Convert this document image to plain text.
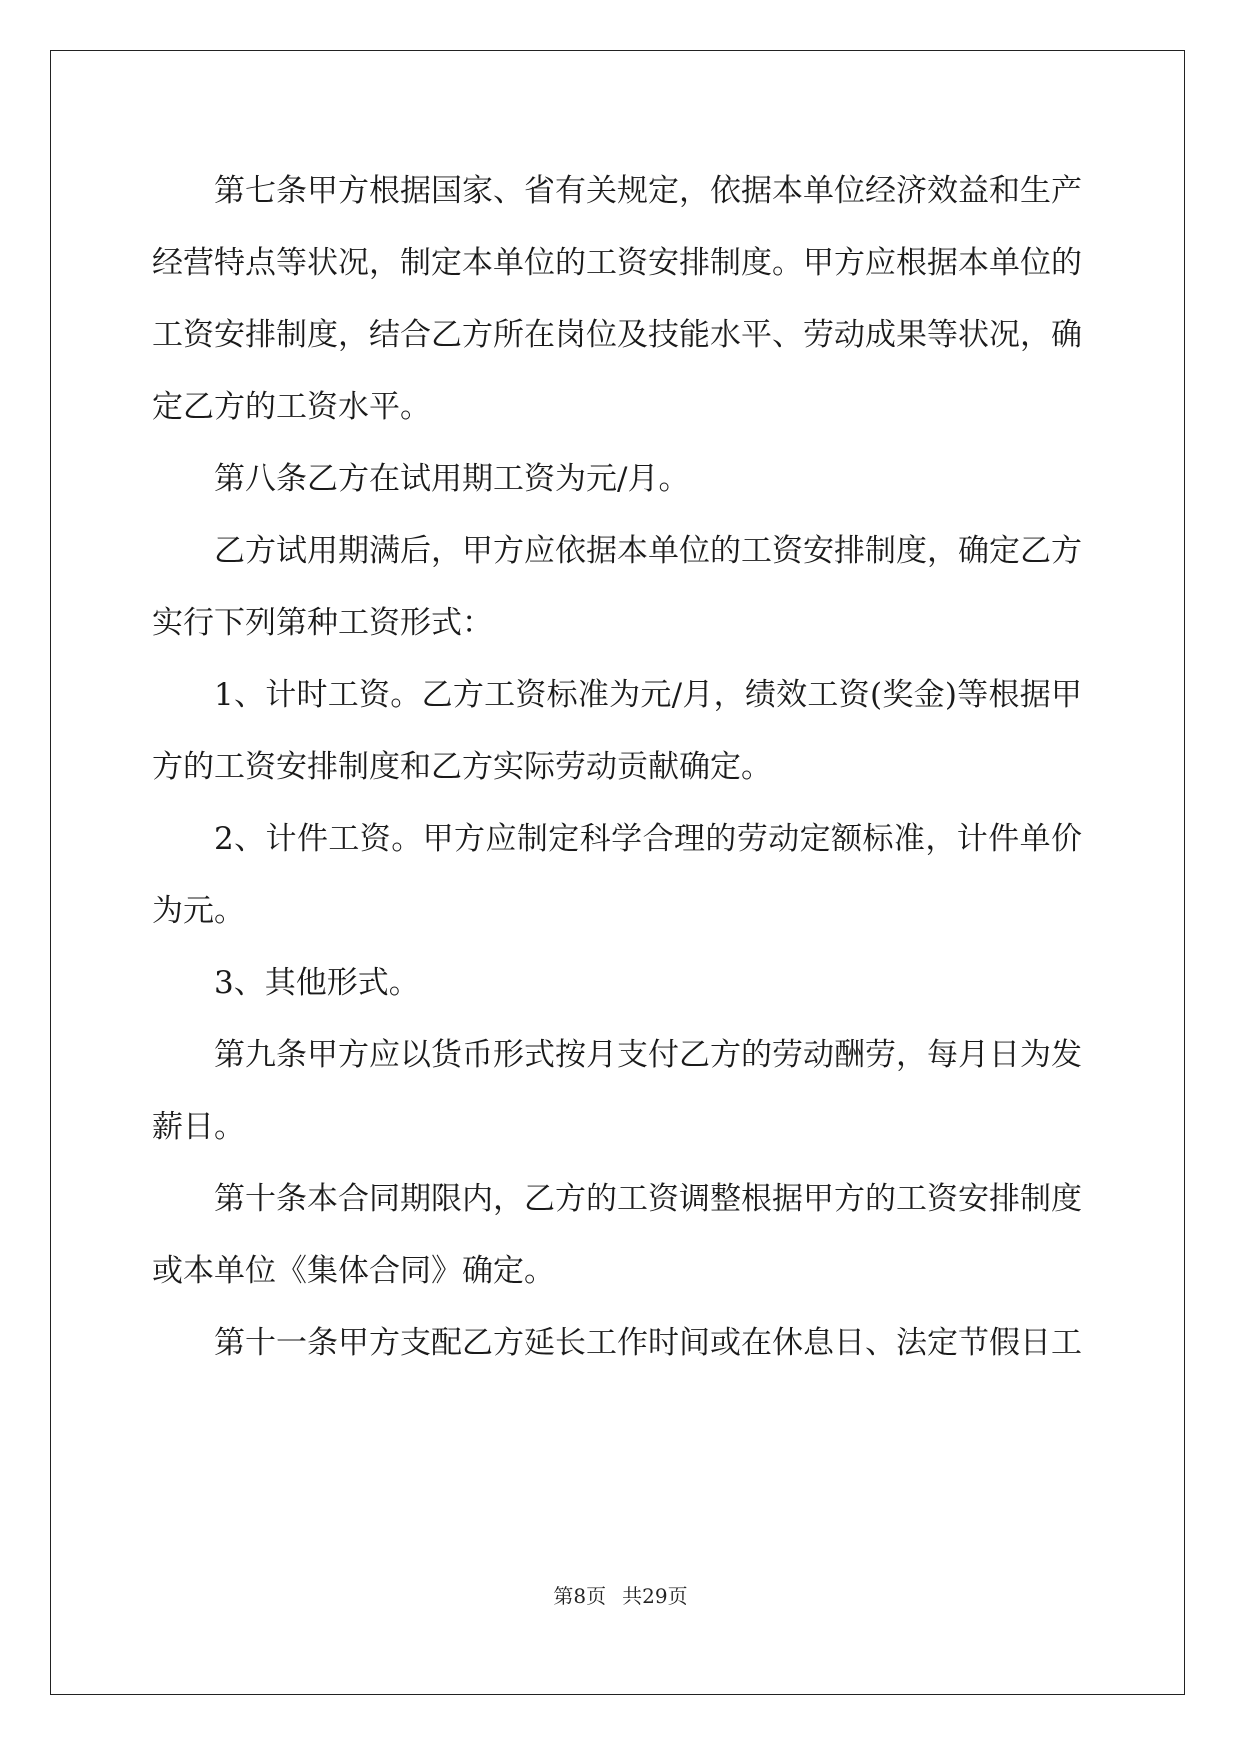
第七条甲方根据国家、省有关规定，依据本单位经济效益和生产经营特点等状况，制定本单位的工资安排制度。甲方应根据本单位的工资安排制度，结合乙方所在岗位及技能水平、劳动成果等状况，确定乙方的工资水平。

第八条乙方在试用期工资为元/月。

乙方试用期满后，甲方应依据本单位的工资安排制度，确定乙方实行下列第种工资形式：

1、计时工资。乙方工资标准为元/月，绩效工资(奖金)等根据甲方的工资安排制度和乙方实际劳动贡献确定。

2、计件工资。甲方应制定科学合理的劳动定额标准，计件单价为元。

3、其他形式。

第九条甲方应以货币形式按月支付乙方的劳动酬劳，每月日为发薪日。

第十条本合同期限内，乙方的工资调整根据甲方的工资安排制度或本单位《集体合同》确定。

第十一条甲方支配乙方延长工作时间或在休息日、法定节假日工

第8页 共29页
